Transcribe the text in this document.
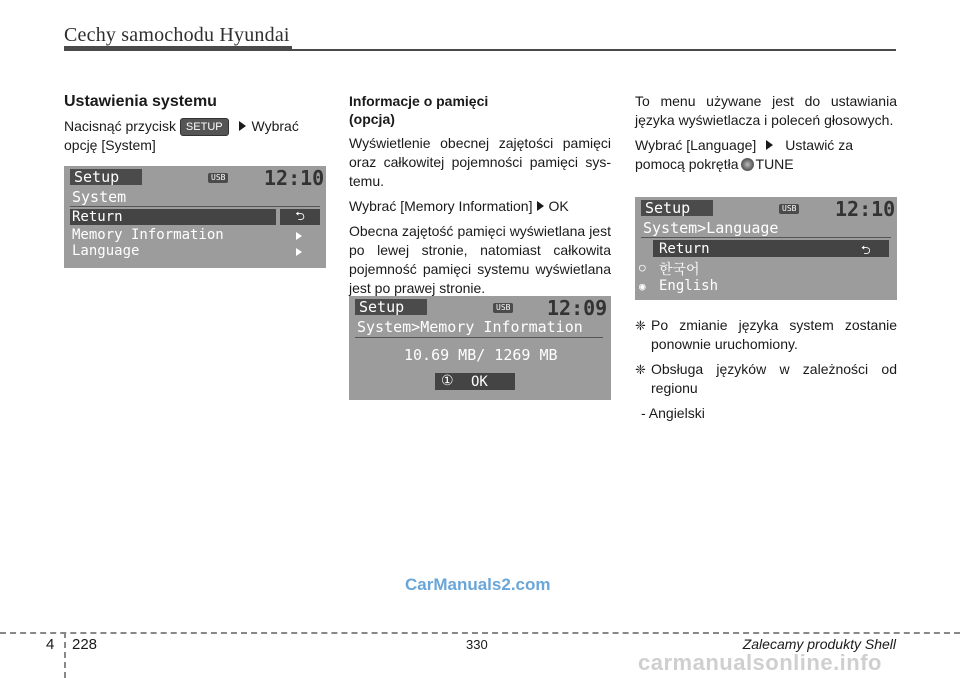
Cechy samochodu Hyundai
Ustawienia systemu

Nacisnąć przycisk SETUP Wybrać
opcję [System]

Setup	USB 12:10
System
⮌
Return
Memory Information
Language
Informacje o pamięci
(opcja)

Wyświetlenie obecnej zajętości pamięci oraz całkowitej pojemności pamięci systemu.

Wybrać [Memory Information] OK

Obecna zajętość pamięci wyświetlana jest po lewej stronie, natomiast całkowita pojemność pamięci systemu wyświetlana jest po prawej stronie.

Setup	USB 12:09
System>Memory Information
10.69 MB/ 1269 MB
① OK

To menu używane jest do ustawiania języka wyświetlacza i poleceń głosowych.

Wybrać [Language] Ustawić za
pomocą pokrętła TUNE

Setup	USB 12:10
System>Language
Return	⮌
○ 한국어
◉ English
❈ Po zmianie języka system zostanie ponownie uruchomiony.
❈ Obsługa języków w zależności od regionu
- Angielski
CarManuals2.com
4 228	330	Zalecamy produkty Shell
carmanualsonline.info
